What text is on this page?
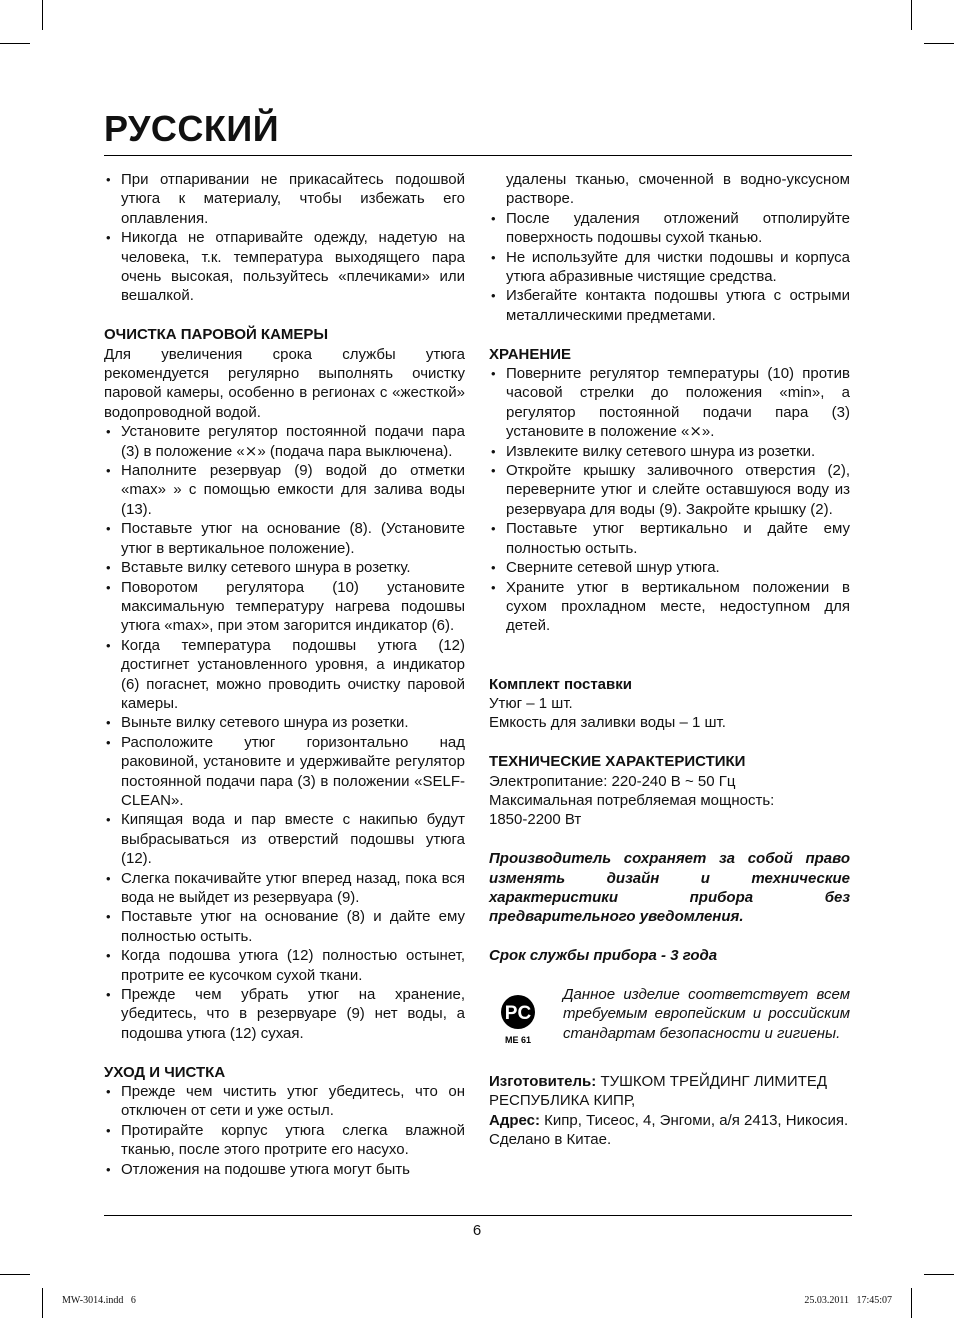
РУССКИЙ
• При отпаривании не прикасайтесь подошвой утюга к материалу, чтобы избежать его оплавления.
• Никогда не отпаривайте одежду, надетую на человека, т.к. температура выходящего пара очень высокая, пользуйтесь «плечиками» или вешалкой.

ОЧИСТКА ПАРОВОЙ КАМЕРЫ

Для увеличения срока службы утюга рекомендуется регулярно выполнять очистку паровой камеры, особенно в регионах с «жесткой» водопроводной водой.

• Установите регулятор постоянной подачи пара (3) в положение «⨯» (подача пара выключена).
• Наполните резервуар (9) водой до отметки «max» » с помощью емкости для залива воды (13).
• Поставьте утюг на основание (8). (Установите утюг в вертикальное положение).
• Вставьте вилку сетевого шнура в розетку.
• Поворотом регулятора (10) установите максимальную температуру нагрева подошвы утюга «max», при этом загорится индикатор (6).
• Когда температура подошвы утюга (12) достигнет установленного уровня, а индикатор (6) погаснет, можно проводить очистку паровой камеры.
• Выньте вилку сетевого шнура из розетки.
• Расположите утюг горизонтально над раковиной, установите и удерживайте регулятор постоянной подачи пара (3) в положении «SELF-CLEAN».
• Кипящая вода и пар вместе с накипью будут выбрасываться из отверстий подошвы утюга (12).
• Слегка покачивайте утюг вперед назад, пока вся вода не выйдет из резервуара (9).
• Поставьте утюг на основание (8) и дайте ему полностью остыть.
• Когда подошва утюга (12) полностью остынет, протрите ее кусочком сухой ткани.
• Прежде чем убрать утюг на хранение, убедитесь, что в резервуаре (9) нет воды, а подошва утюга (12) сухая.

УХОД И ЧИСТКА

• Прежде чем чистить утюг убедитесь, что он отключен от сети и уже остыл.
• Протирайте корпус утюга слегка влажной тканью, после этого протрите его насухо.
• Отложения на подошве утюга могут быть

удалены тканью, смоченной в водно-уксусном растворе.

• После удаления отложений отполируйте поверхность подошвы сухой тканью.
• Не используйте для чистки подошвы и корпуса утюга абразивные чистящие средства.
• Избегайте контакта подошвы утюга с острыми металлическими предметами.

ХРАНЕНИЕ

• Поверните регулятор температуры (10) против часовой стрелки до положения «min», а регулятор постоянной подачи пара (3) установите в положение «⨯».
• Извлеките вилку сетевого шнура из розетки.
• Откройте крышку заливочного отверстия (2), переверните утюг и слейте оставшуюся воду из резервуара для воды (9). Закройте крышку (2).
• Поставьте утюг вертикально и дайте ему полностью остыть.
• Сверните сетевой шнур утюга.
• Храните утюг в вертикальном положении в сухом прохладном месте, недоступном для детей.

Комплект поставки

Утюг – 1 шт.

Емкость для заливки воды – 1 шт.

ТЕХНИЧЕСКИЕ ХАРАКТЕРИСТИКИ

Электропитание: 220-240 В ~ 50 Гц

Максимальная потребляемая мощность:

1850-2200 Вт

Производитель сохраняет за собой право изменять дизайн и технические характеристики прибора без предварительного уведомления.

Срок службы прибора - 3 года

PC
МЕ 61
Данное изделие соответствует всем требуемым европейским и российским стандартам безопасности и гигиены.

Изготовитель: ТУШКОМ ТРЕЙДИНГ ЛИМИТЕД

РЕСПУБЛИКА КИПР,

Адрес: Кипр, Тисеос, 4, Энгоми, а/я 2413, Никосия.

Сделано в Китае.

6
MW-3014.indd   6	25.03.2011   17:45:07
